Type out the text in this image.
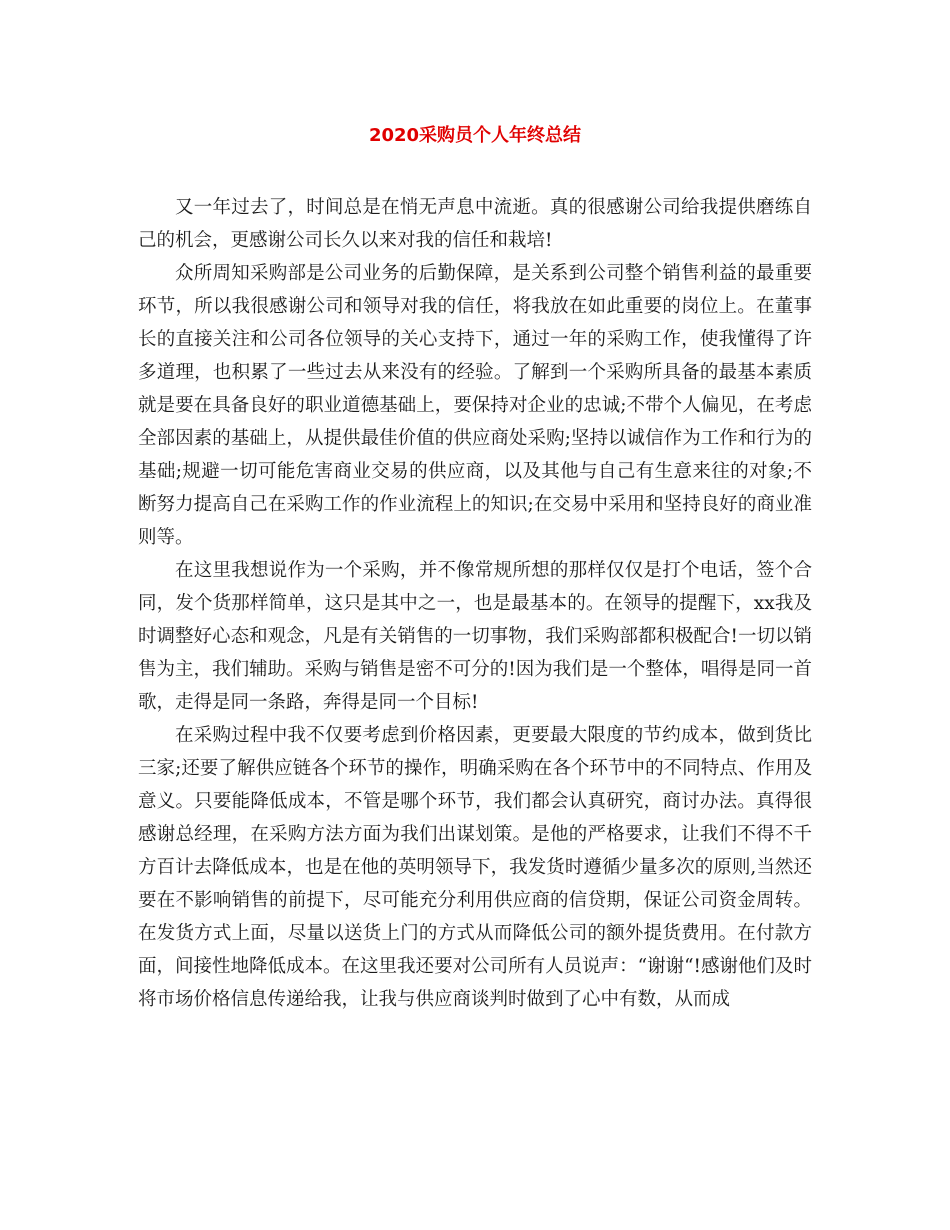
2020采购员个人年终总结

又一年过去了，时间总是在悄无声息中流逝。真的很感谢公司给我提供磨练自己的机会，更感谢公司长久以来对我的信任和栽培!

众所周知采购部是公司业务的后勤保障，是关系到公司整个销售利益的最重要环节，所以我很感谢公司和领导对我的信任，将我放在如此重要的岗位上。在董事长的直接关注和公司各位领导的关心支持下，通过一年的采购工作，使我懂得了许多道理，也积累了一些过去从来没有的经验。了解到一个采购所具备的最基本素质就是要在具备良好的职业道德基础上，要保持对企业的忠诚;不带个人偏见，在考虑全部因素的基础上，从提供最佳价值的供应商处采购;坚持以诚信作为工作和行为的基础;规避一切可能危害商业交易的供应商，以及其他与自己有生意来往的对象;不断努力提高自己在采购工作的作业流程上的知识;在交易中采用和坚持良好的商业准则等。

在这里我想说作为一个采购，并不像常规所想的那样仅仅是打个电话，签个合同，发个货那样简单，这只是其中之一，也是最基本的。在领导的提醒下，xx我及时调整好心态和观念，凡是有关销售的一切事物，我们采购部都积极配合!一切以销售为主，我们辅助。采购与销售是密不可分的!因为我们是一个整体，唱得是同一首歌，走得是同一条路，奔得是同一个目标!

在采购过程中我不仅要考虑到价格因素，更要最大限度的节约成本，做到货比三家;还要了解供应链各个环节的操作，明确采购在各个环节中的不同特点、作用及意义。只要能降低成本，不管是哪个环节，我们都会认真研究，商讨办法。真得很感谢总经理，在采购方法方面为我们出谋划策。是他的严格要求，让我们不得不千方百计去降低成本，也是在他的英明领导下，我发货时遵循少量多次的原则,当然还要在不影响销售的前提下，尽可能充分利用供应商的信贷期，保证公司资金周转。在发货方式上面，尽量以送货上门的方式从而降低公司的额外提货费用。在付款方面，间接性地降低成本。在这里我还要对公司所有人员说声：“谢谢“!感谢他们及时将市场价格信息传递给我，让我与供应商谈判时做到了心中有数，从而成
